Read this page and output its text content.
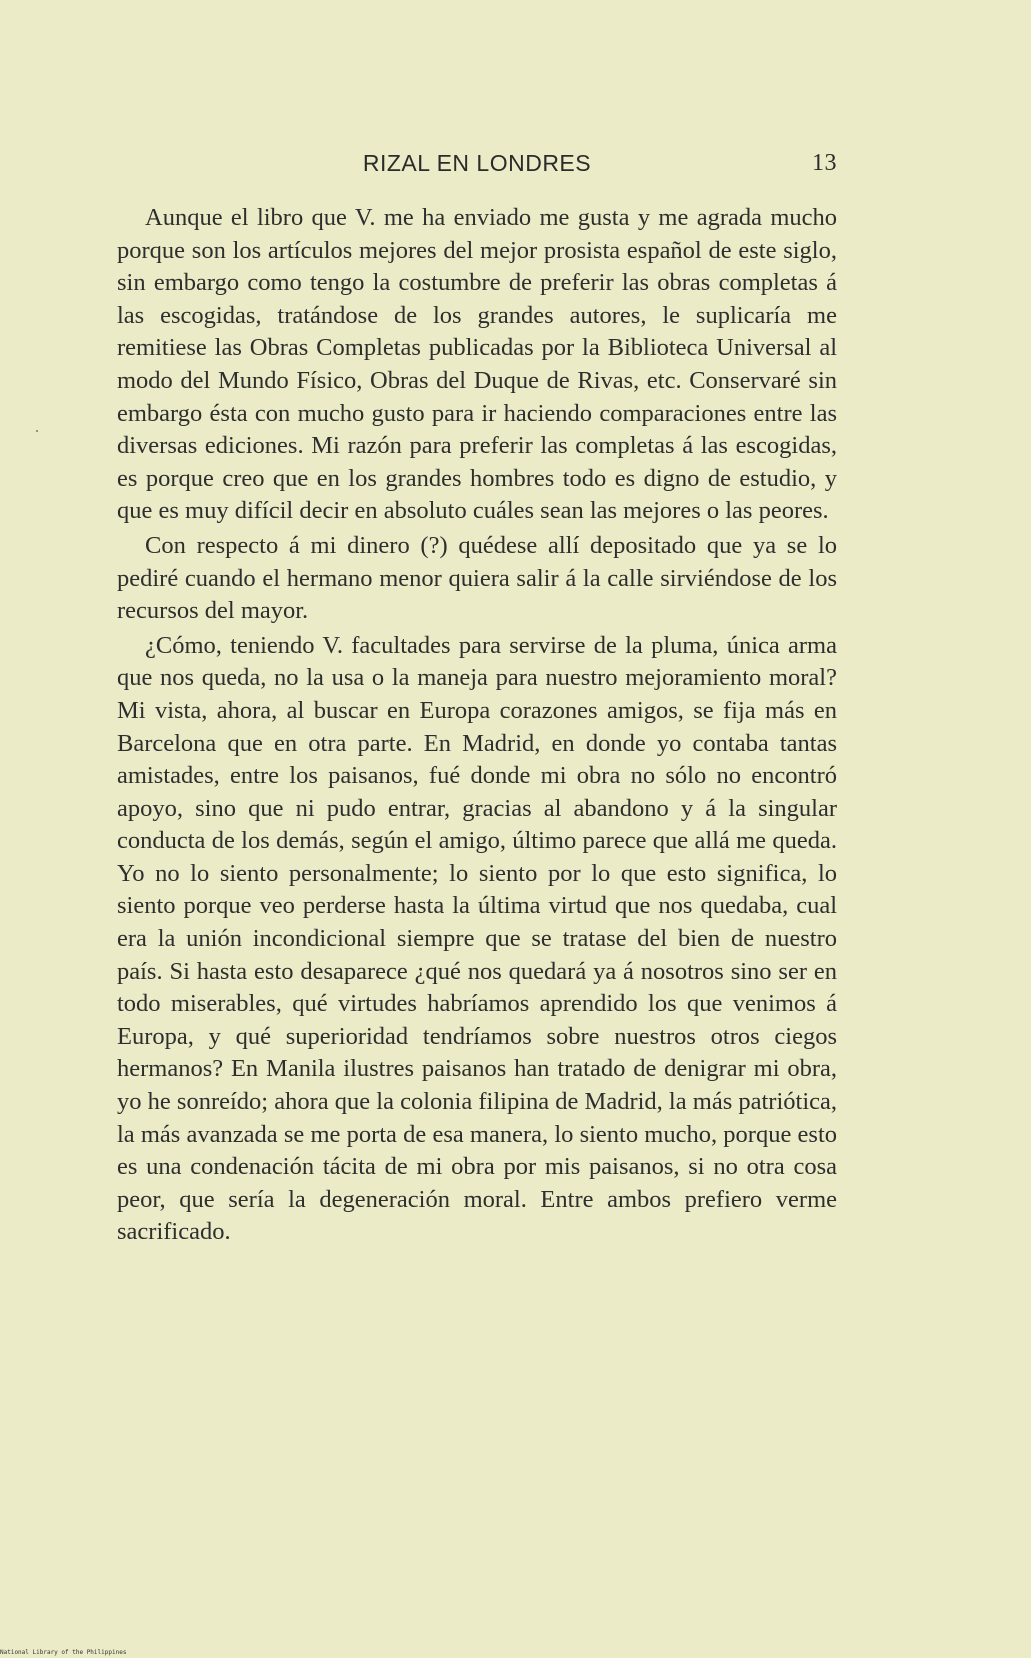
RIZAL EN LONDRES	13

Aunque el libro que V. me ha enviado me gusta y me agrada mucho porque son los artículos mejores del mejor prosista español de este siglo, sin embargo como tengo la costumbre de preferir las obras completas á las escogidas, tratándose de los grandes autores, le suplicaría me remitiese las Obras Completas publicadas por la Biblioteca Universal al modo del Mundo Físico, Obras del Duque de Rivas, etc. Conservaré sin embargo ésta con mucho gusto para ir haciendo comparaciones entre las diversas ediciones. Mi razón para preferir las completas á las escogidas, es porque creo que en los grandes hombres todo es digno de estudio, y que es muy difícil decir en absoluto cuáles sean las mejores o las peores.

Con respecto á mi dinero (?) quédese allí depositado que ya se lo pediré cuando el hermano menor quiera salir á la calle sirviéndose de los recursos del mayor.

¿Cómo, teniendo V. facultades para servirse de la pluma, única arma que nos queda, no la usa o la maneja para nuestro mejoramiento moral? Mi vista, ahora, al buscar en Europa corazones amigos, se fija más en Barcelona que en otra parte. En Madrid, en donde yo contaba tantas amistades, entre los paisanos, fué donde mi obra no sólo no encontró apoyo, sino que ni pudo entrar, gracias al abandono y á la singular conducta de los demás, según el amigo, último parece que allá me queda. Yo no lo siento personalmente; lo siento por lo que esto significa, lo siento porque veo perderse hasta la última virtud que nos quedaba, cual era la unión incondicional siempre que se tratase del bien de nuestro país. Si hasta esto desaparece ¿qué nos quedará ya á nosotros sino ser en todo miserables, qué virtudes habríamos aprendido los que venimos á Europa, y qué superioridad tendríamos sobre nuestros otros ciegos hermanos? En Manila ilustres paisanos han tratado de denigrar mi obra, yo he sonreído; ahora que la colonia filipina de Madrid, la más patriótica, la más avanzada se me porta de esa manera, lo siento mucho, porque esto es una condenación tácita de mi obra por mis paisanos, si no otra cosa peor, que sería la degeneración moral. Entre ambos prefiero verme sacrificado.

National Library of the Philippines
